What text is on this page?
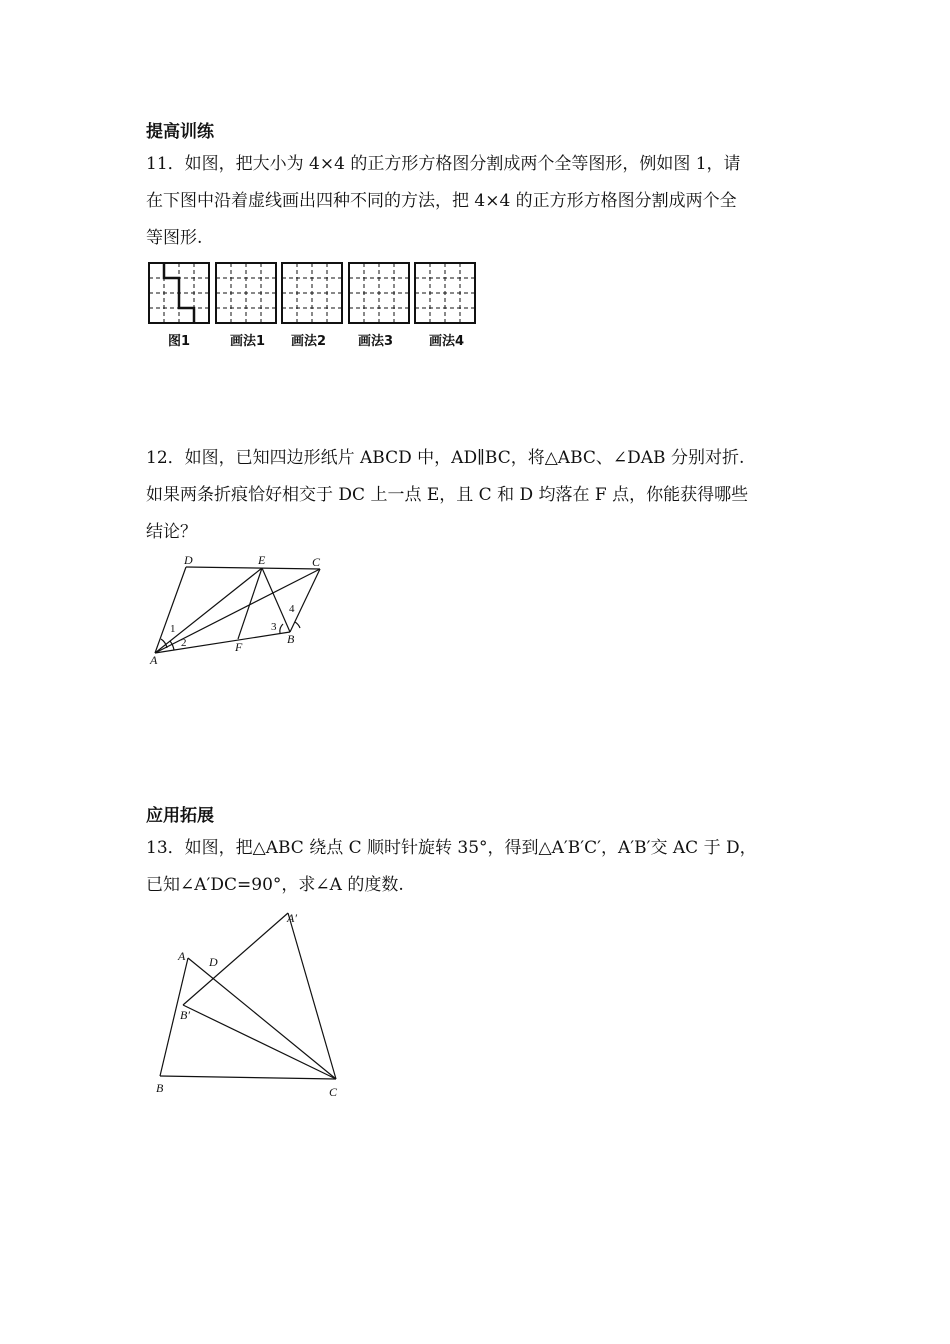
提高训练
11．如图，把大小为 4×4 的正方形方格图分割成两个全等图形，例如图 1，请
在下图中沿着虚线画出四种不同的方法，把 4×4 的正方形方格图分割成两个全
等图形.
图1	画法1 画法2 画法3	画法4
12．如图，已知四边形纸片 ABCD 中，AD∥BC，将△ABC、∠DAB 分别对折.
如果两条折痕恰好相交于 DC 上一点 E，且 C 和 D 均落在 F 点，你能获得哪些
结论？
D	E	C
A
F
B
1
2
3
4
应用拓展
13．如图，把△ABC 绕点 C 顺时针旋转 35°，得到△A′B′C′，A′B′交 AC 于 D，
已知∠A′DC=90°，求∠A 的度数.
A D
A′
B′
B	C
